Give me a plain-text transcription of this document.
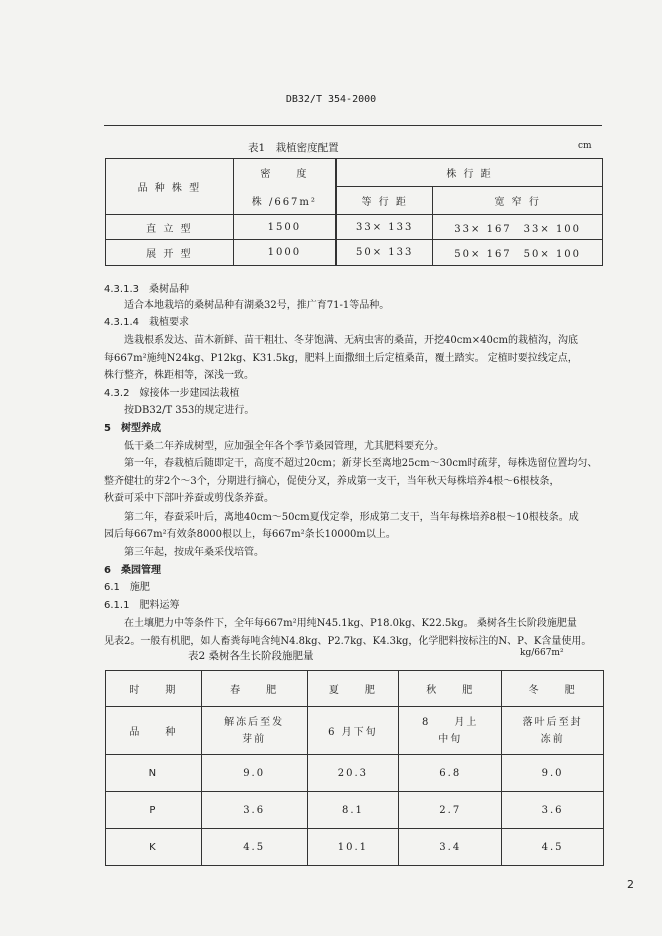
DB32/T 354-2000
表1　栽植密度配置	cm
品 种 株 型	密　　度	株 行 距	
	株 /667m²	等 行 距	宽 窄 行
直 立 型	1500	33× 133	33× 167　33× 100
展 开 型	1000	50× 133	50× 167　50× 100

4.3.1.3　桑树品种

适合本地栽培的桑树品种有湖桑32号，推广育71-1等品种。

4.3.1.4　栽植要求

选栽根系发达、苗木新鲜、苗干粗壮、冬芽饱满、无病虫害的桑苗，开挖40cm×40cm的栽植沟，沟底

每667m²施纯N24kg、P12kg、K31.5kg，肥料上面撒细土后定植桑苗，覆土踏实。 定植时要拉线定点，

株行整齐，株距相等，深浅一致。

4.3.2　嫁接体一步建园法栽植

按DB32/T 353的规定进行。

5　树型养成

低干桑二年养成树型，应加强全年各个季节桑园管理，尤其肥料要充分。

第一年，春栽植后随即定干，高度不超过20cm；新芽长至离地25cm～30cm时疏芽，每株选留位置均匀、

整齐健壮的芽2个～3个，分期进行摘心，促使分叉，养成第一支干，当年秋天每株培养4根～6根枝条，

秋蚕可采中下部叶养蚕或剪伐条养蚕。

第二年，春蚕采叶后，离地40cm～50cm夏伐定拳，形成第二支干，当年每株培养8根～10根枝条。成

园后每667m²有效条8000根以上，每667m²条长10000m以上。

第三年起，按成年桑采伐培管。

6　桑园管理

6.1　施肥

6.1.1　肥料运筹

在土壤肥力中等条件下，全年每667m²用纯N45.1kg、P18.0kg、K22.5kg。 桑树各生长阶段施肥量

见表2。一般有机肥，如人畜粪每吨含纯N4.8kg、P2.7kg、K4.3kg，化学肥料按标注的N、P、K含量使用。

表2 桑树各生长阶段施肥量	kg/667m²
时　　期	春　　肥	夏　　肥	秋　　肥	冬　　肥
品　　种	解冻后至发芽前	6 月下旬	8　　月上中旬	落叶后至封冻前
N	9.0	20.3	6.8	9.0
P	3.6	8.1	2.7	3.6
K	4.5	10.1	3.4	4.5
2
